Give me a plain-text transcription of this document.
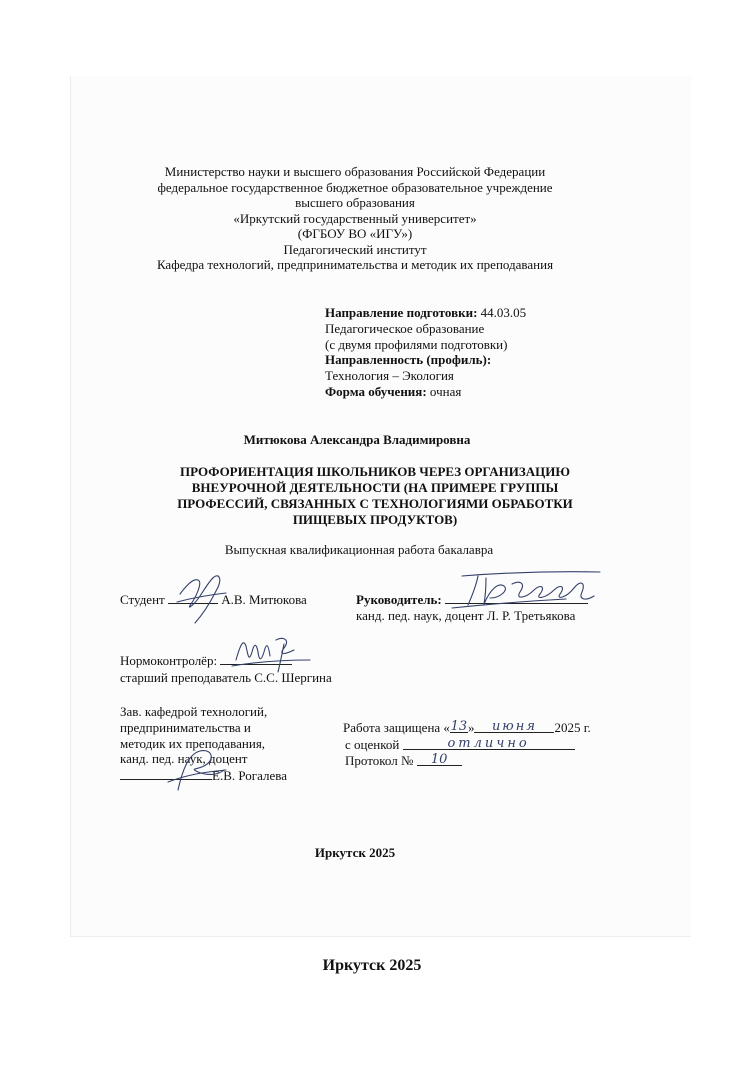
Министерство науки и высшего образования Российской Федерации
федеральное государственное бюджетное образовательное учреждение
высшего образования
«Иркутский государственный университет»
(ФГБОУ ВО «ИГУ»)
Педагогический институт
Кафедра технологий, предпринимательства и методик их преподавания
Направление подготовки: 44.03.05
Педагогическое образование
(с двумя профилями подготовки)
Направленность (профиль):
Технология – Экология
Форма обучения: очная
Митюкова Александра Владимировна
ПРОФОРИЕНТАЦИЯ ШКОЛЬНИКОВ ЧЕРЕЗ ОРГАНИЗАЦИЮ
ВНЕУРОЧНОЙ ДЕЯТЕЛЬНОСТИ (НА ПРИМЕРЕ ГРУППЫ
ПРОФЕССИЙ, СВЯЗАННЫХ С ТЕХНОЛОГИЯМИ ОБРАБОТКИ
ПИЩЕВЫХ ПРОДУКТОВ)
Выпускная квалификационная работа бакалавра
Студент	А.В. Митюкова	Руководитель:
канд. пед. наук, доцент Л. Р. Третьякова
Нормоконтролёр:
старший преподаватель С.С. Шергина
Зав. кафедрой технологий,
предпринимательства и
методик их преподавания,
канд. пед. наук, доцент
Е.В. Рогалева
Работа защищена «13» июня 2025 г.
с оценкой	отлично
Протокол № 10
Иркутск 2025
Иркутск 2025
